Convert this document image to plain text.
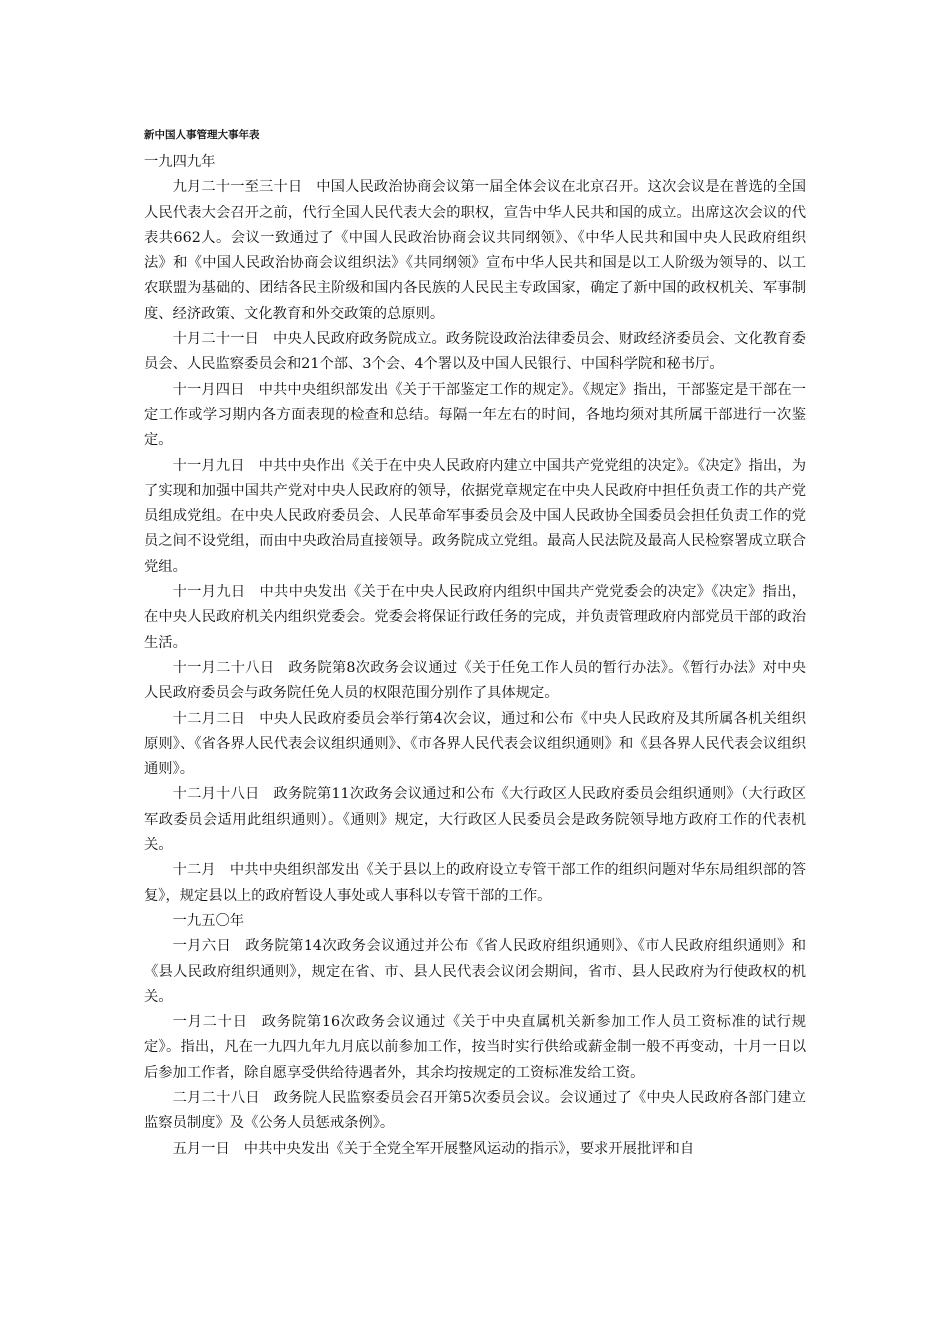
新中国人事管理大事年表

一九四九年

九月二十一至三十日 中国人民政治协商会议第一届全体会议在北京召开。这次会议是在普选的全国人民代表大会召开之前，代行全国人民代表大会的职权，宣告中华人民共和国的成立。出席这次会议的代表共662人。会议一致通过了《中国人民政治协商会议共同纲领》、《中华人民共和国中央人民政府组织法》和《中国人民政治协商会议组织法》《共同纲领》宣布中华人民共和国是以工人阶级为领导的、以工农联盟为基础的、团结各民主阶级和国内各民族的人民民主专政国家，确定了新中国的政权机关、军事制度、经济政策、文化教育和外交政策的总原则。

十月二十一日 中央人民政府政务院成立。政务院设政治法律委员会、财政经济委员会、文化教育委员会、人民监察委员会和21个部、3个会、4个署以及中国人民银行、中国科学院和秘书厅。

十一月四日 中共中央组织部发出《关于干部鉴定工作的规定》。《规定》指出，干部鉴定是干部在一定工作或学习期内各方面表现的检查和总结。每隔一年左右的时间，各地均须对其所属干部进行一次鉴定。

十一月九日 中共中央作出《关于在中央人民政府内建立中国共产党党组的决定》。《决定》指出，为了实现和加强中国共产党对中央人民政府的领导，依据党章规定在中央人民政府中担任负责工作的共产党员组成党组。在中央人民政府委员会、人民革命军事委员会及中国人民政协全国委员会担任负责工作的党员之间不设党组，而由中央政治局直接领导。政务院成立党组。最高人民法院及最高人民检察署成立联合党组。

十一月九日 中共中央发出《关于在中央人民政府内组织中国共产党党委会的决定》《决定》指出，在中央人民政府机关内组织党委会。党委会将保证行政任务的完成，并负责管理政府内部党员干部的政治生活。

十一月二十八日 政务院第8次政务会议通过《关于任免工作人员的暂行办法》。《暂行办法》对中央人民政府委员会与政务院任免人员的权限范围分别作了具体规定。

十二月二日 中央人民政府委员会举行第4次会议，通过和公布《中央人民政府及其所属各机关组织原则》、《省各界人民代表会议组织通则》、《市各界人民代表会议组织通则》和《县各界人民代表会议组织通则》。

十二月十八日 政务院第11次政务会议通过和公布《大行政区人民政府委员会组织通则》（大行政区军政委员会适用此组织通则）。《通则》规定，大行政区人民委员会是政务院领导地方政府工作的代表机关。

十二月 中共中央组织部发出《关于县以上的政府设立专管干部工作的组织问题对华东局组织部的答复》，规定县以上的政府暂设人事处或人事科以专管干部的工作。

一九五〇年

一月六日 政务院第14次政务会议通过并公布《省人民政府组织通则》、《市人民政府组织通则》和《县人民政府组织通则》，规定在省、市、县人民代表会议闭会期间，省市、县人民政府为行使政权的机关。

一月二十日 政务院第16次政务会议通过《关于中央直属机关新参加工作人员工资标准的试行规定》。指出，凡在一九四九年九月底以前参加工作，按当时实行供给或薪金制一般不再变动，十月一日以后参加工作者，除自愿享受供给待遇者外，其余均按规定的工资标准发给工资。

二月二十八日 政务院人民监察委员会召开第5次委员会议。会议通过了《中央人民政府各部门建立监察员制度》及《公务人员惩戒条例》。

五月一日 中共中央发出《关于全党全军开展整风运动的指示》，要求开展批评和自
